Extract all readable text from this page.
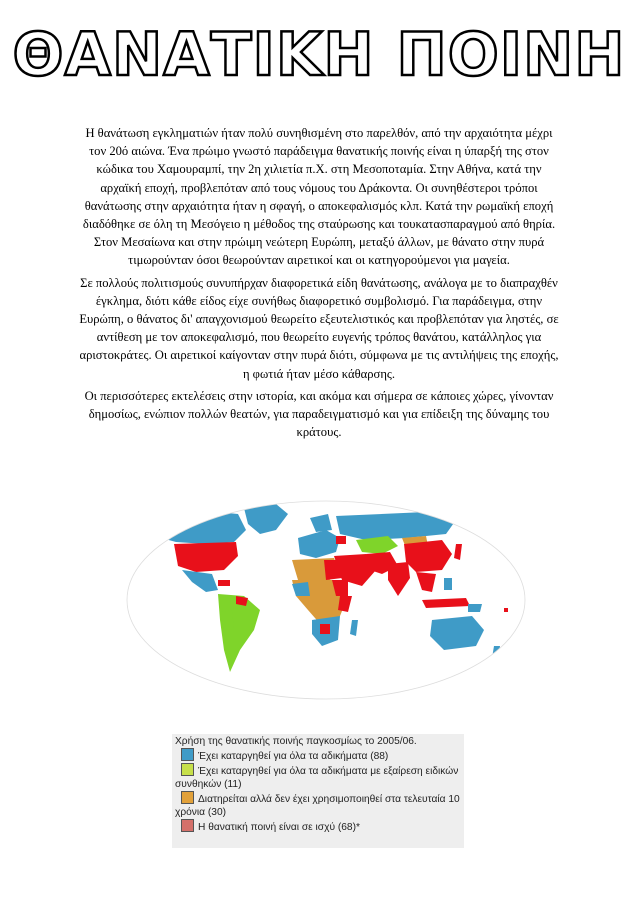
ΘΑΝΑΤΙΚΗ ΠΟΙΝΗ

Η θανάτωση εγκληματιών ήταν πολύ συνηθισμένη στο παρελθόν, από την αρχαιότητα μέχρι τον 20ό αιώνα. Ένα πρώιμο γνωστό παράδειγμα θανατικής ποινής είναι η ύπαρξή της στον κώδικα του Χαμουραμπί, την 2η χιλιετία π.Χ. στη Μεσοποταμία. Στην Αθήνα, κατά την αρχαϊκή εποχή, προβλεπόταν από τους νόμους του Δράκοντα. Οι συνηθέστεροι τρόποι θανάτωσης στην αρχαιότητα ήταν η σφαγή, ο αποκεφαλισμός κλπ. Κατά την ρωμαϊκή εποχή διαδόθηκε σε όλη τη Μεσόγειο η μέθοδος της σταύρωσης και τουκατασπαραγμού από θηρία. Στον Μεσαίωνα και στην πρώιμη νεώτερη Ευρώπη, μεταξύ άλλων, με θάνατο στην πυρά τιμωρούνταν όσοι θεωρούνταν αιρετικοί και οι κατηγορούμενοι για μαγεία.

Σε πολλούς πολιτισμούς συνυπήρχαν διαφορετικά είδη θανάτωσης, ανάλογα με το διαπραχθέν έγκλημα, διότι κάθε είδος είχε συνήθως διαφορετικό συμβολισμό. Για παράδειγμα, στην Ευρώπη, ο θάνατος δι' απαγχονισμού θεωρείτο εξευτελιστικός και προβλεπόταν για ληστές, σε αντίθεση με τον αποκεφαλισμό, που θεωρείτο ευγενής τρόπος θανάτου, κατάλληλος για αριστοκράτες. Οι αιρετικοί καίγονταν στην πυρά διότι, σύμφωνα με τις αντιλήψεις της εποχής, η φωτιά ήταν μέσο κάθαρσης.

Οι περισσότερες εκτελέσεις στην ιστορία, και ακόμα και σήμερα σε κάποιες χώρες, γίνονταν δημοσίως, ενώπιον πολλών θεατών, για παραδειγματισμό και για επίδειξη της δύναμης του κράτους.

Χρήση της θανατικής ποινής παγκοσμίως το 2005/06.
Έχει καταργηθεί για όλα τα αδικήματα (88)
Έχει καταργηθεί για όλα τα αδικήματα με εξαίρεση ειδικών συνθηκών (11)
Διατηρείται αλλά δεν έχει χρησιμοποιηθεί στα τελευταία 10 χρόνια (30)
Η θανατική ποινή είναι σε ισχύ (68)*
